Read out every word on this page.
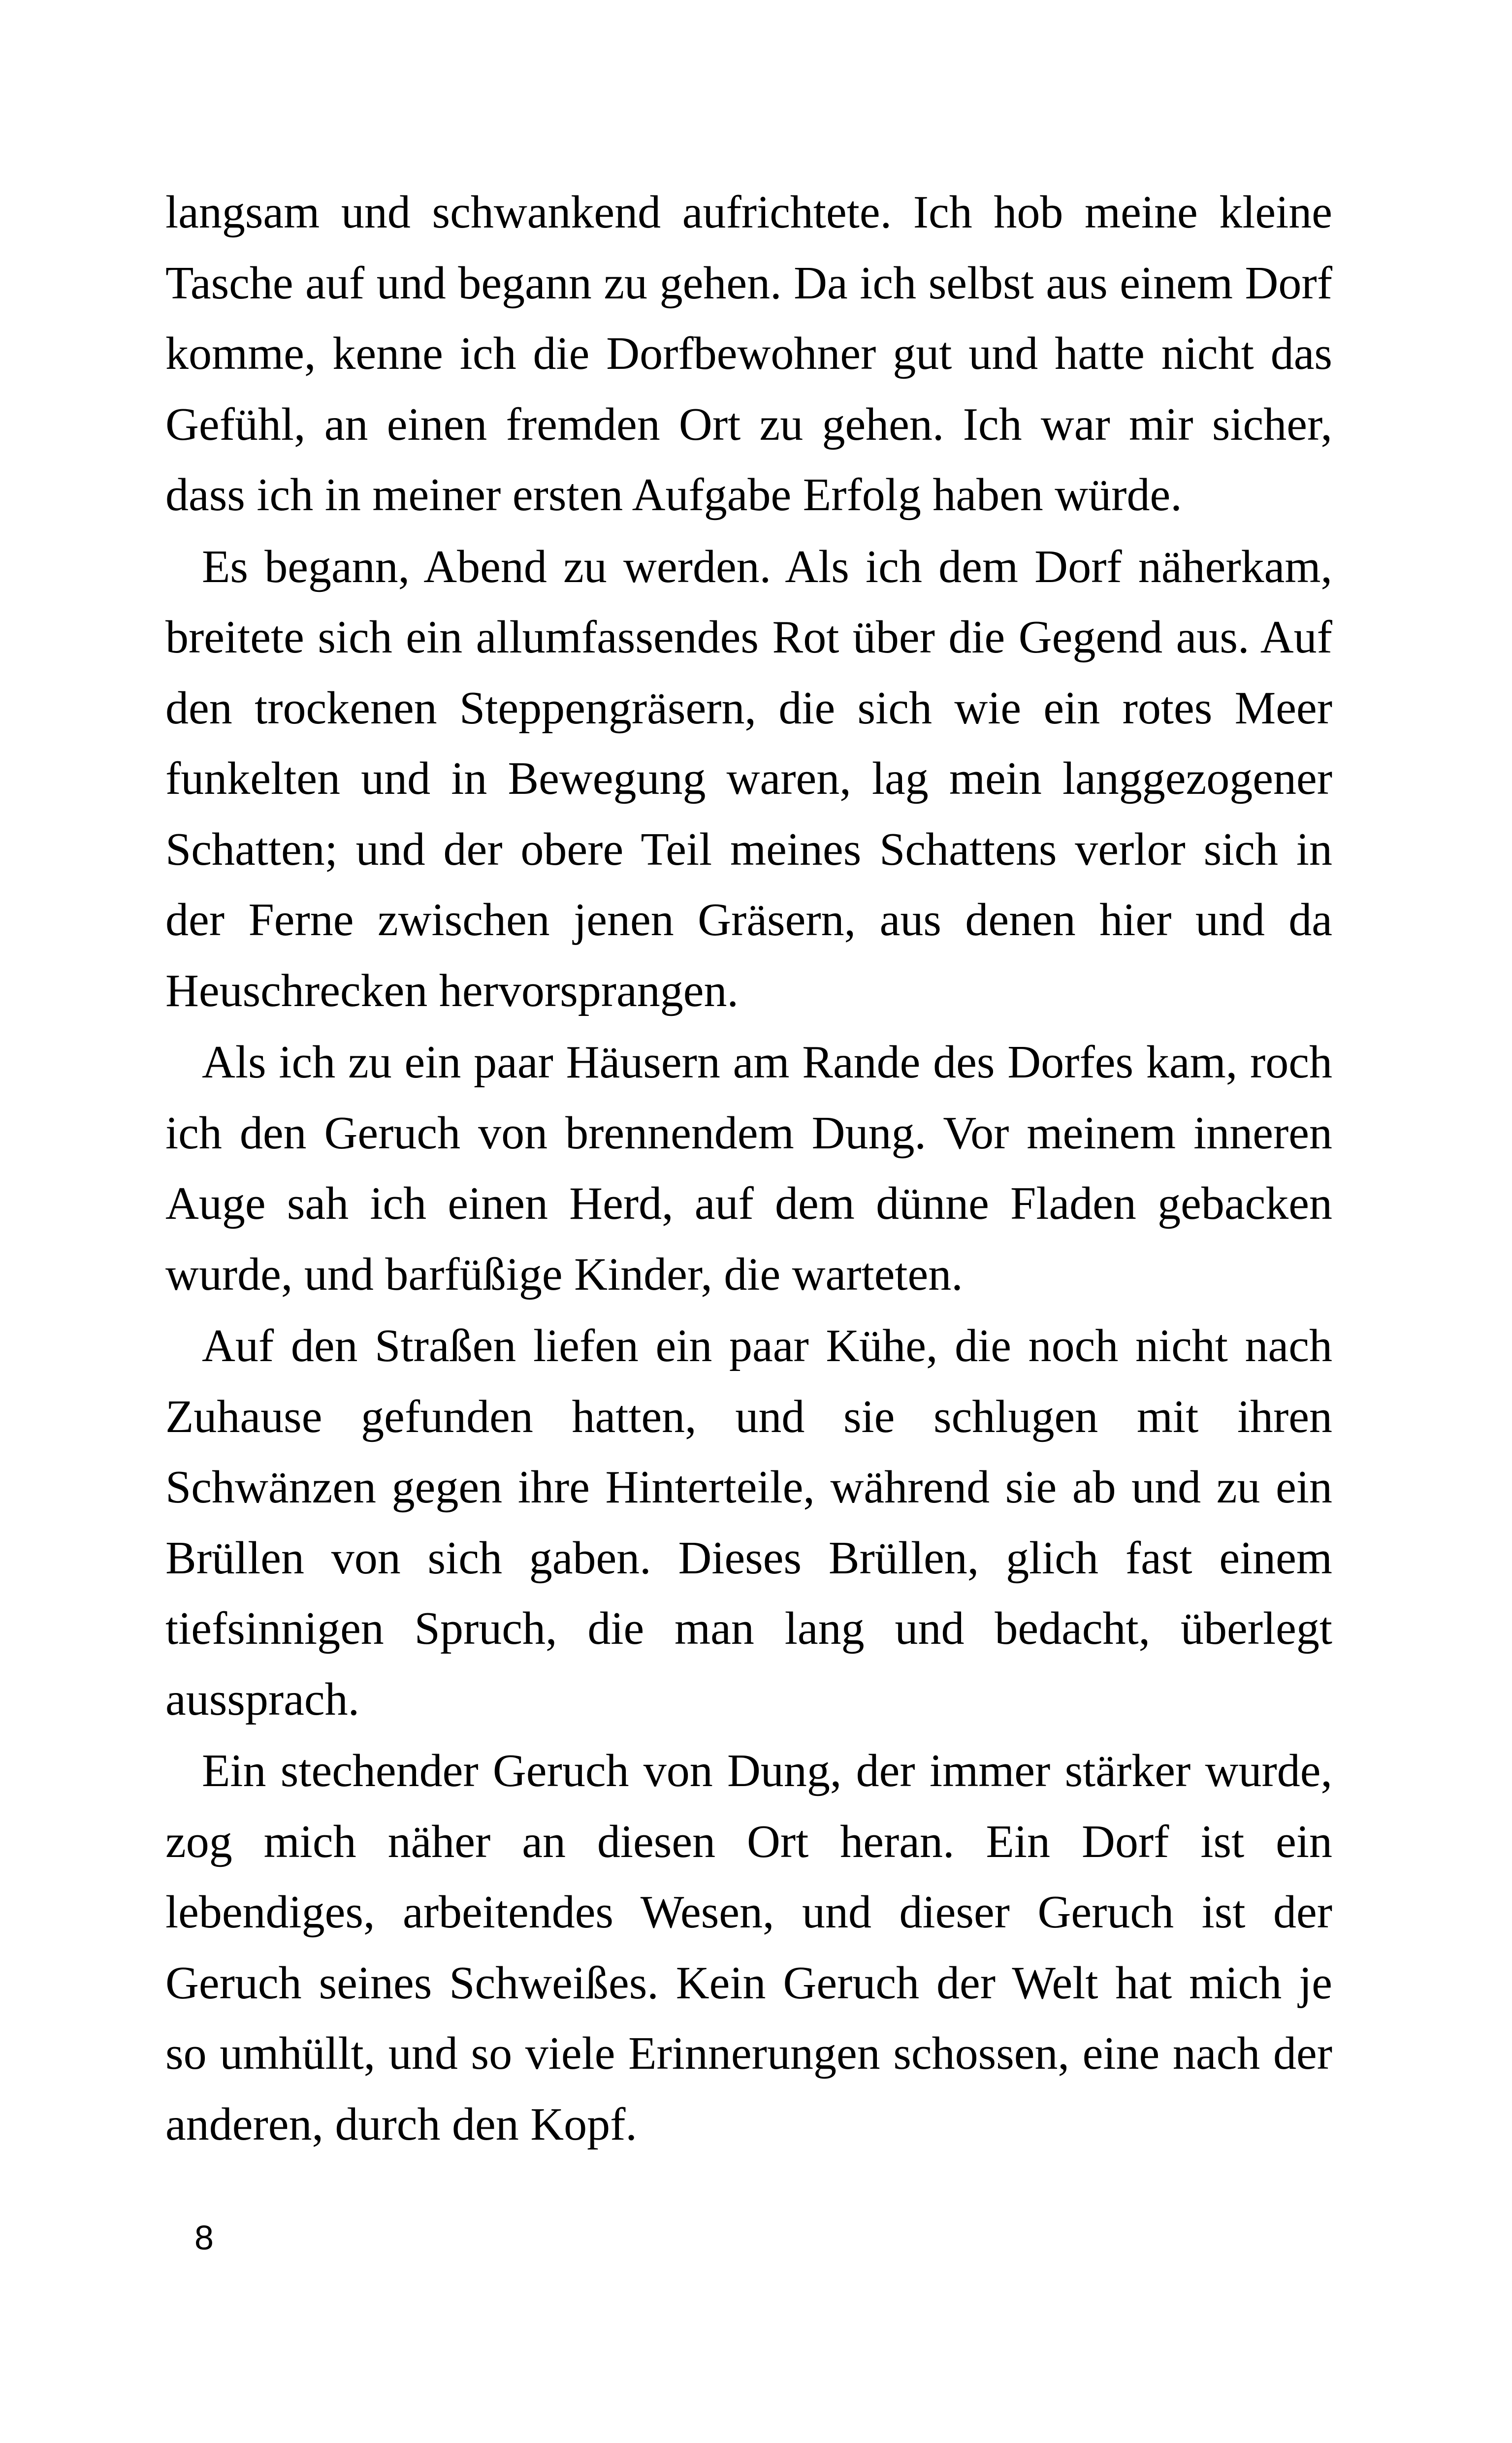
langsam und schwankend aufrichtete. Ich hob meine kleine Tasche auf und begann zu gehen. Da ich selbst aus einem Dorf komme, kenne ich die Dorfbewohner gut und hatte nicht das Gefühl, an einen fremden Ort zu gehen. Ich war mir sicher, dass ich in meiner ersten Aufgabe Erfolg haben würde.

Es begann, Abend zu werden. Als ich dem Dorf näherkam, breitete sich ein allumfassendes Rot über die Gegend aus. Auf den trockenen Steppengräsern, die sich wie ein rotes Meer funkelten und in Bewegung waren, lag mein langgezogener Schatten; und der obere Teil meines Schattens verlor sich in der Ferne zwischen jenen Gräsern, aus denen hier und da Heuschrecken hervorsprangen.

Als ich zu ein paar Häusern am Rande des Dorfes kam, roch ich den Geruch von brennendem Dung. Vor meinem inneren Auge sah ich einen Herd, auf dem dünne Fladen gebacken wurde, und barfüßige Kinder, die warteten.

Auf den Straßen liefen ein paar Kühe, die noch nicht nach Zuhause gefunden hatten, und sie schlugen mit ihren Schwänzen gegen ihre Hinterteile, während sie ab und zu ein Brüllen von sich gaben. Dieses Brüllen, glich fast einem tiefsinnigen Spruch, die man lang und bedacht, überlegt aussprach.

Ein stechender Geruch von Dung, der immer stärker wurde, zog mich näher an diesen Ort heran. Ein Dorf ist ein lebendiges, arbeitendes Wesen, und dieser Geruch ist der Geruch seines Schweißes. Kein Geruch der Welt hat mich je so umhüllt, und so viele Erinnerungen schossen, eine nach der anderen, durch den Kopf.

8
